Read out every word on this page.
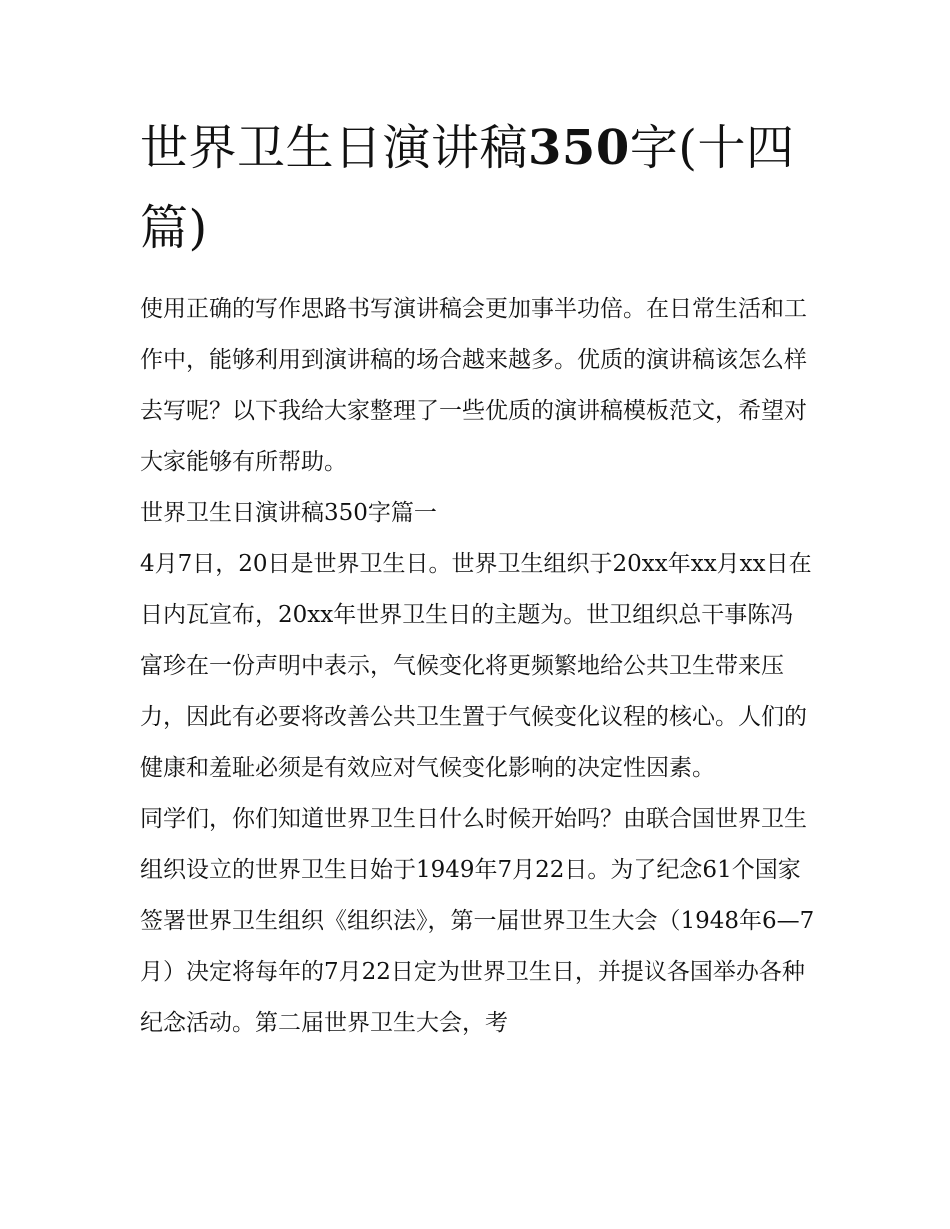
世界卫生日演讲稿350字(十四篇)

使用正确的写作思路书写演讲稿会更加事半功倍。在日常生活和工作中，能够利用到演讲稿的场合越来越多。优质的演讲稿该怎么样去写呢？以下我给大家整理了一些优质的演讲稿模板范文，希望对大家能够有所帮助。

世界卫生日演讲稿350字篇一

4月7日，20日是世界卫生日。世界卫生组织于20xx年xx月xx日在日内瓦宣布，20xx年世界卫生日的主题为。世卫组织总干事陈冯富珍在一份声明中表示，气候变化将更频繁地给公共卫生带来压力，因此有必要将改善公共卫生置于气候变化议程的核心。人们的健康和羞耻必须是有效应对气候变化影响的决定性因素。

同学们，你们知道世界卫生日什么时候开始吗？由联合国世界卫生组织设立的世界卫生日始于1949年7月22日。为了纪念61个国家签署世界卫生组织《组织法》，第一届世界卫生大会（1948年6—7月）决定将每年的7月22日定为世界卫生日，并提议各国举办各种纪念活动。第二届世界卫生大会，考
